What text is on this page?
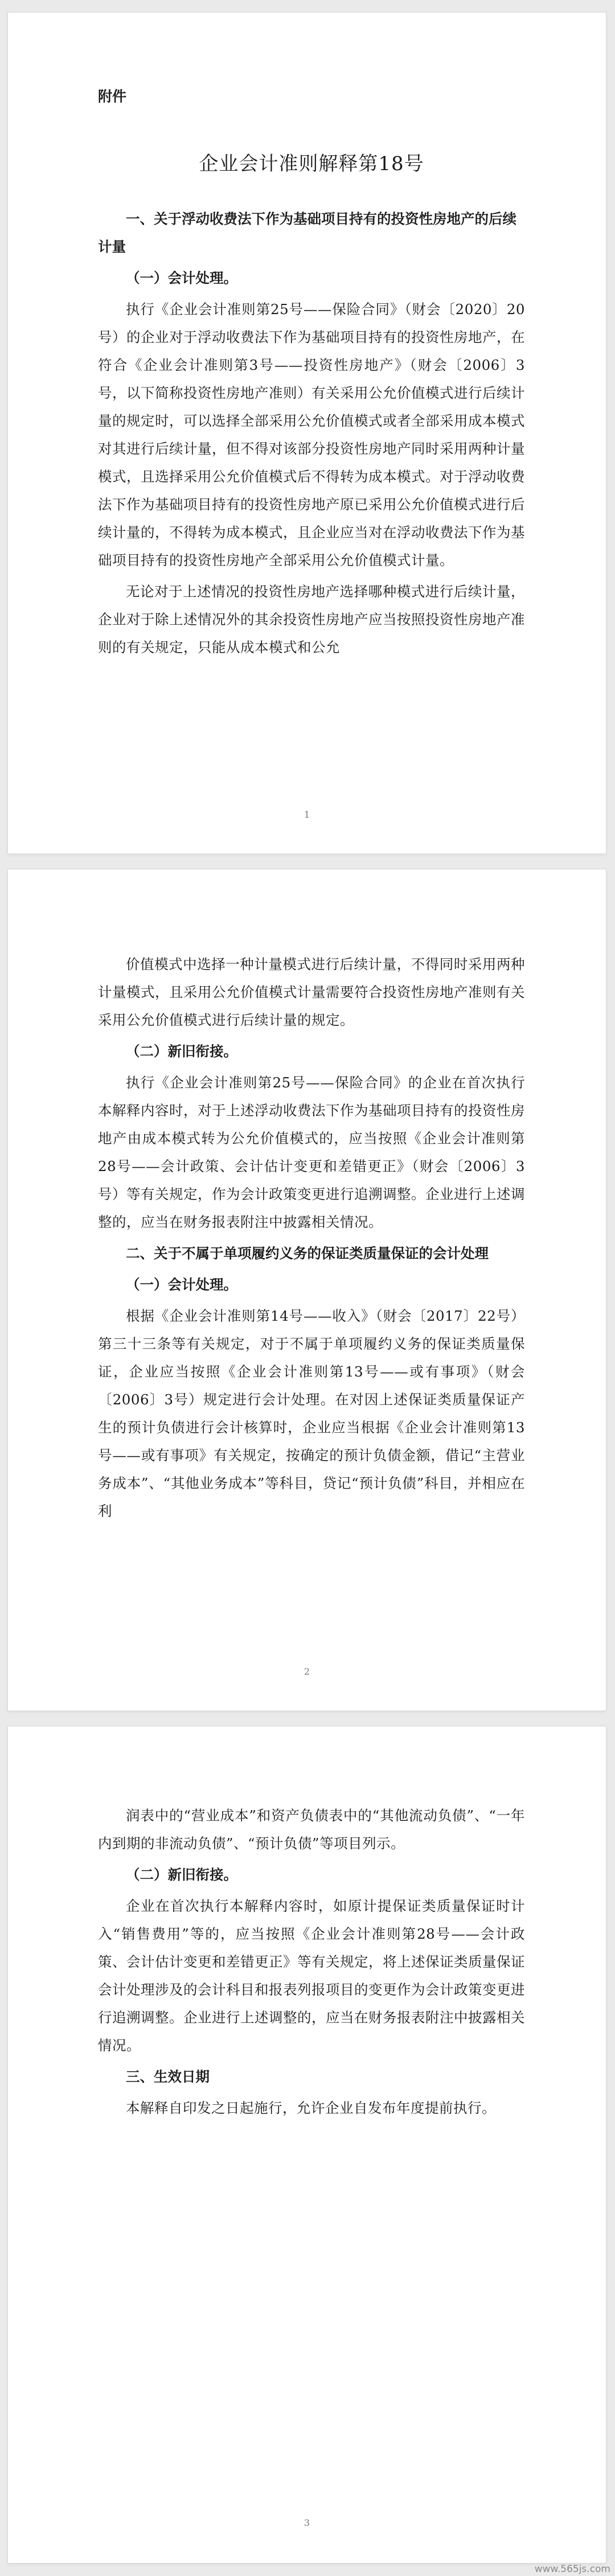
附件
企业会计准则解释第18号

一、关于浮动收费法下作为基础项目持有的投资性房地产的后续计量

（一）会计处理。

执行《企业会计准则第25号——保险合同》（财会〔2020〕20号）的企业对于浮动收费法下作为基础项目持有的投资性房地产，在符合《企业会计准则第3号——投资性房地产》（财会〔2006〕3号，以下简称投资性房地产准则）有关采用公允价值模式进行后续计量的规定时，可以选择全部采用公允价值模式或者全部采用成本模式对其进行后续计量，但不得对该部分投资性房地产同时采用两种计量模式，且选择采用公允价值模式后不得转为成本模式。对于浮动收费法下作为基础项目持有的投资性房地产原已采用公允价值模式进行后续计量的，不得转为成本模式，且企业应当对在浮动收费法下作为基础项目持有的投资性房地产全部采用公允价值模式计量。

无论对于上述情况的投资性房地产选择哪种模式进行后续计量，企业对于除上述情况外的其余投资性房地产应当按照投资性房地产准则的有关规定，只能从成本模式和公允

1

价值模式中选择一种计量模式进行后续计量，不得同时采用两种计量模式，且采用公允价值模式计量需要符合投资性房地产准则有关采用公允价值模式进行后续计量的规定。

（二）新旧衔接。

执行《企业会计准则第25号——保险合同》的企业在首次执行本解释内容时，对于上述浮动收费法下作为基础项目持有的投资性房地产由成本模式转为公允价值模式的，应当按照《企业会计准则第28号——会计政策、会计估计变更和差错更正》（财会〔2006〕3号）等有关规定，作为会计政策变更进行追溯调整。企业进行上述调整的，应当在财务报表附注中披露相关情况。

二、关于不属于单项履约义务的保证类质量保证的会计处理

（一）会计处理。

根据《企业会计准则第14号——收入》（财会〔2017〕22号）第三十三条等有关规定，对于不属于单项履约义务的保证类质量保证，企业应当按照《企业会计准则第13号——或有事项》（财会〔2006〕3号）规定进行会计处理。在对因上述保证类质量保证产生的预计负债进行会计核算时，企业应当根据《企业会计准则第13号——或有事项》有关规定，按确定的预计负债金额，借记“主营业务成本”、“其他业务成本”等科目，贷记“预计负债”科目，并相应在利

2

润表中的“营业成本”和资产负债表中的“其他流动负债”、“一年内到期的非流动负债”、“预计负债”等项目列示。

（二）新旧衔接。

企业在首次执行本解释内容时，如原计提保证类质量保证时计入“销售费用”等的，应当按照《企业会计准则第28号——会计政策、会计估计变更和差错更正》等有关规定，将上述保证类质量保证会计处理涉及的会计科目和报表列报项目的变更作为会计政策变更进行追溯调整。企业进行上述调整的，应当在财务报表附注中披露相关情况。

三、生效日期

本解释自印发之日起施行，允许企业自发布年度提前执行。

3
www.565js.com
